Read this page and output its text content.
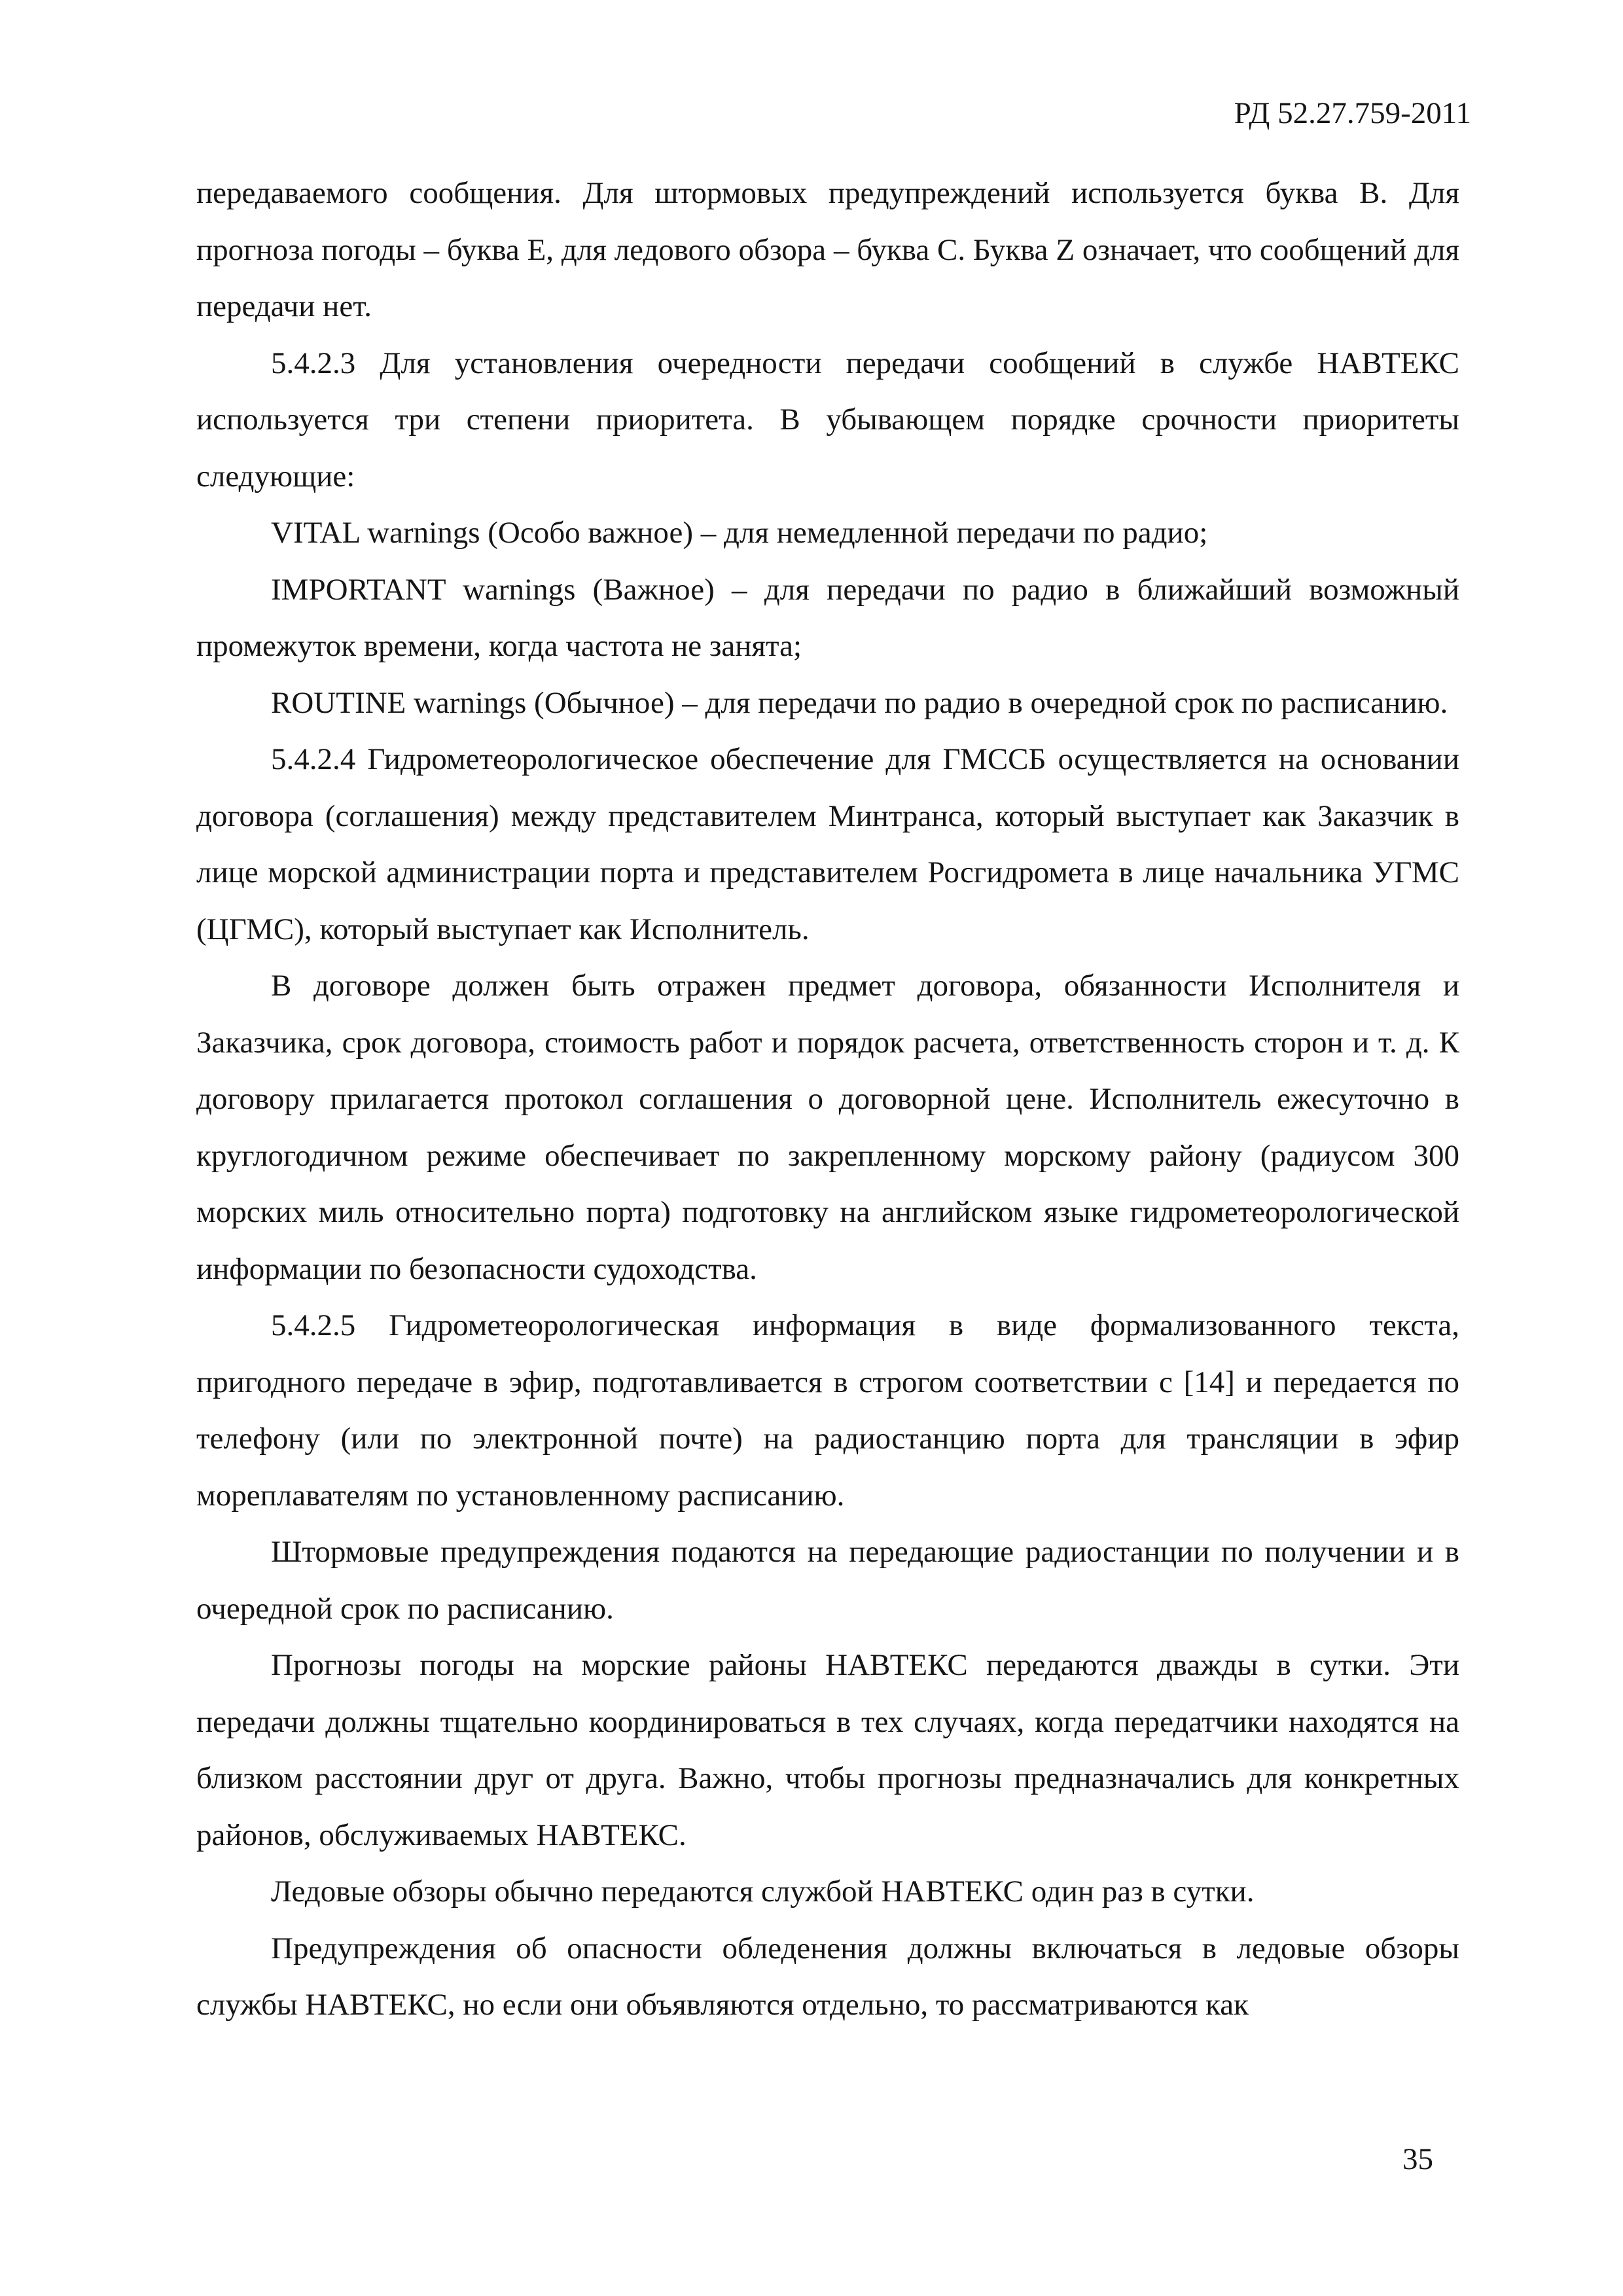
РД 52.27.759-2011

передаваемого сообщения. Для штормовых предупреждений используется буква B. Для прогноза погоды – буква E, для ледового обзора – буква C. Буква Z означает, что сообщений для передачи нет.

5.4.2.3 Для установления очередности передачи сообщений в службе НАВТЕКС используется три степени приоритета. В убывающем порядке срочности приоритеты следующие:

VITAL warnings (Особо важное) – для немедленной передачи по радио;

IMPORTANT warnings (Важное) – для передачи по радио в ближайший возможный промежуток времени, когда частота не занята;

ROUTINE warnings (Обычное) – для передачи по радио в очередной срок по расписанию.

5.4.2.4 Гидрометеорологическое обеспечение для ГМССБ осуществляется на основании договора (соглашения) между представителем Минтранса, который выступает как Заказчик в лице морской администрации порта и представителем Росгидромета в лице начальника УГМС (ЦГМС), который выступает как Исполнитель.

В договоре должен быть отражен предмет договора, обязанности Исполнителя и Заказчика, срок договора, стоимость работ и порядок расчета, ответственность сторон и т. д. К договору прилагается протокол соглашения о договорной цене. Исполнитель ежесуточно в круглогодичном режиме обеспечивает по закрепленному морскому району (радиусом 300 морских миль относительно порта) подготовку на английском языке гидрометеорологической информации по безопасности судоходства.

5.4.2.5 Гидрометеорологическая информация в виде формализованного текста, пригодного передаче в эфир, подготавливается в строгом соответствии с [14] и передается по телефону (или по электронной почте) на радиостанцию порта для трансляции в эфир мореплавателям по установленному расписанию.

Штормовые предупреждения подаются на передающие радиостанции по получении и в очередной срок по расписанию.

Прогнозы погоды на морские районы НАВТЕКС передаются дважды в сутки. Эти передачи должны тщательно координироваться в тех случаях, когда передатчики находятся на близком расстоянии друг от друга. Важно, чтобы прогнозы предназначались для конкретных районов, обслуживаемых НАВТЕКС.

Ледовые обзоры обычно передаются службой НАВТЕКС один раз в сутки.

Предупреждения об опасности обледенения должны включаться в ледовые обзоры службы НАВТЕКС, но если они объявляются отдельно, то рассматриваются как

35
